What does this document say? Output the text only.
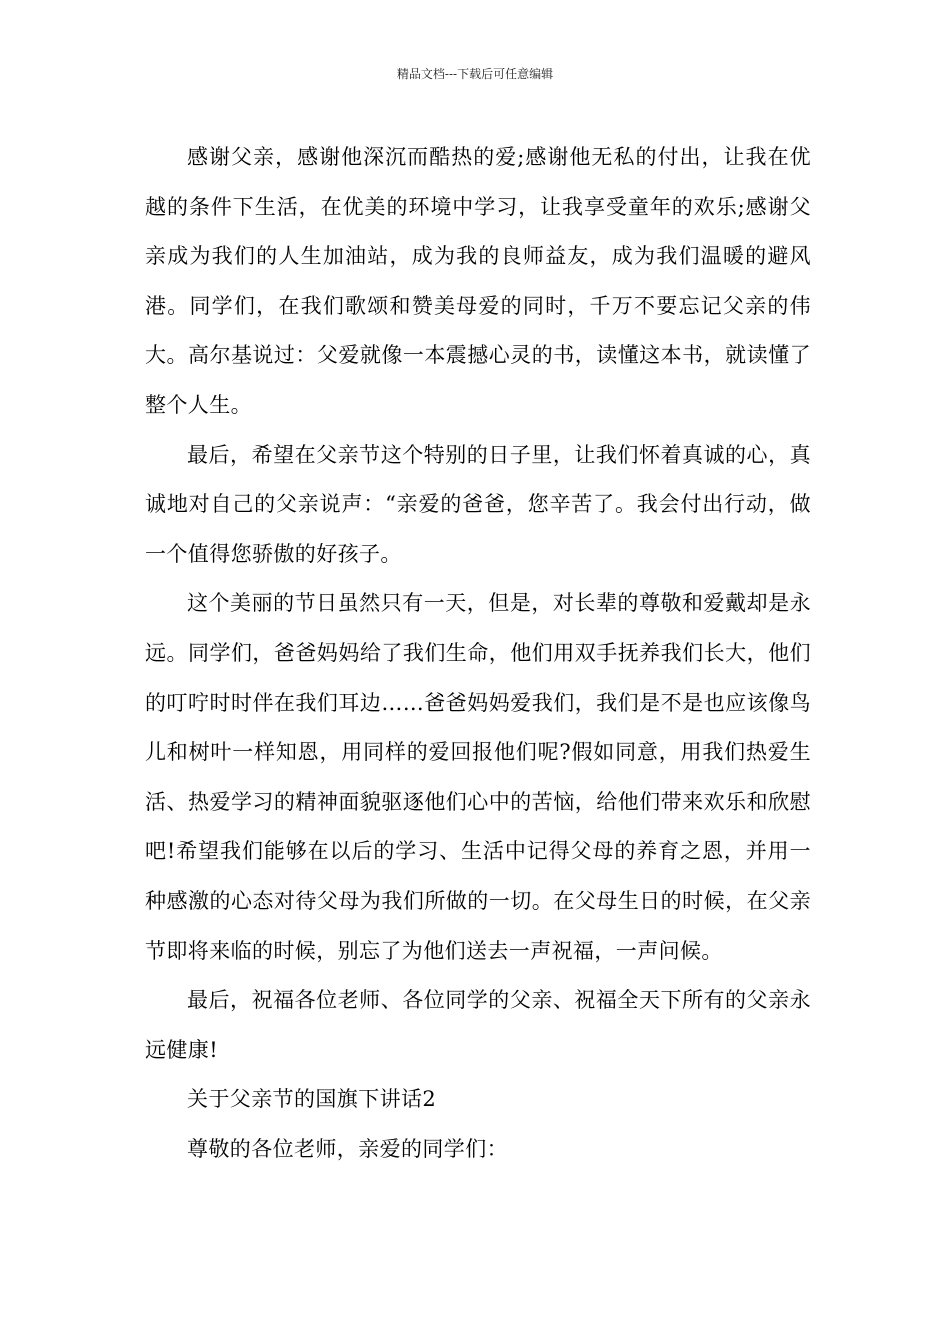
精品文档---下载后可任意编辑

感谢父亲，感谢他深沉而酷热的爱;感谢他无私的付出，让我在优越的条件下生活，在优美的环境中学习，让我享受童年的欢乐;感谢父亲成为我们的人生加油站，成为我的良师益友，成为我们温暖的避风港。同学们，在我们歌颂和赞美母爱的同时，千万不要忘记父亲的伟大。高尔基说过：父爱就像一本震撼心灵的书，读懂这本书，就读懂了整个人生。

最后，希望在父亲节这个特别的日子里，让我们怀着真诚的心，真诚地对自己的父亲说声：“亲爱的爸爸，您辛苦了。我会付出行动，做一个值得您骄傲的好孩子。

这个美丽的节日虽然只有一天，但是，对长辈的尊敬和爱戴却是永远。同学们，爸爸妈妈给了我们生命，他们用双手抚养我们长大，他们的叮咛时时伴在我们耳边……爸爸妈妈爱我们，我们是不是也应该像鸟儿和树叶一样知恩，用同样的爱回报他们呢?假如同意，用我们热爱生活、热爱学习的精神面貌驱逐他们心中的苦恼，给他们带来欢乐和欣慰吧!希望我们能够在以后的学习、生活中记得父母的养育之恩，并用一种感激的心态对待父母为我们所做的一切。在父母生日的时候，在父亲节即将来临的时候，别忘了为他们送去一声祝福，一声问候。

最后，祝福各位老师、各位同学的父亲、祝福全天下所有的父亲永远健康!

关于父亲节的国旗下讲话2

尊敬的各位老师，亲爱的同学们：
